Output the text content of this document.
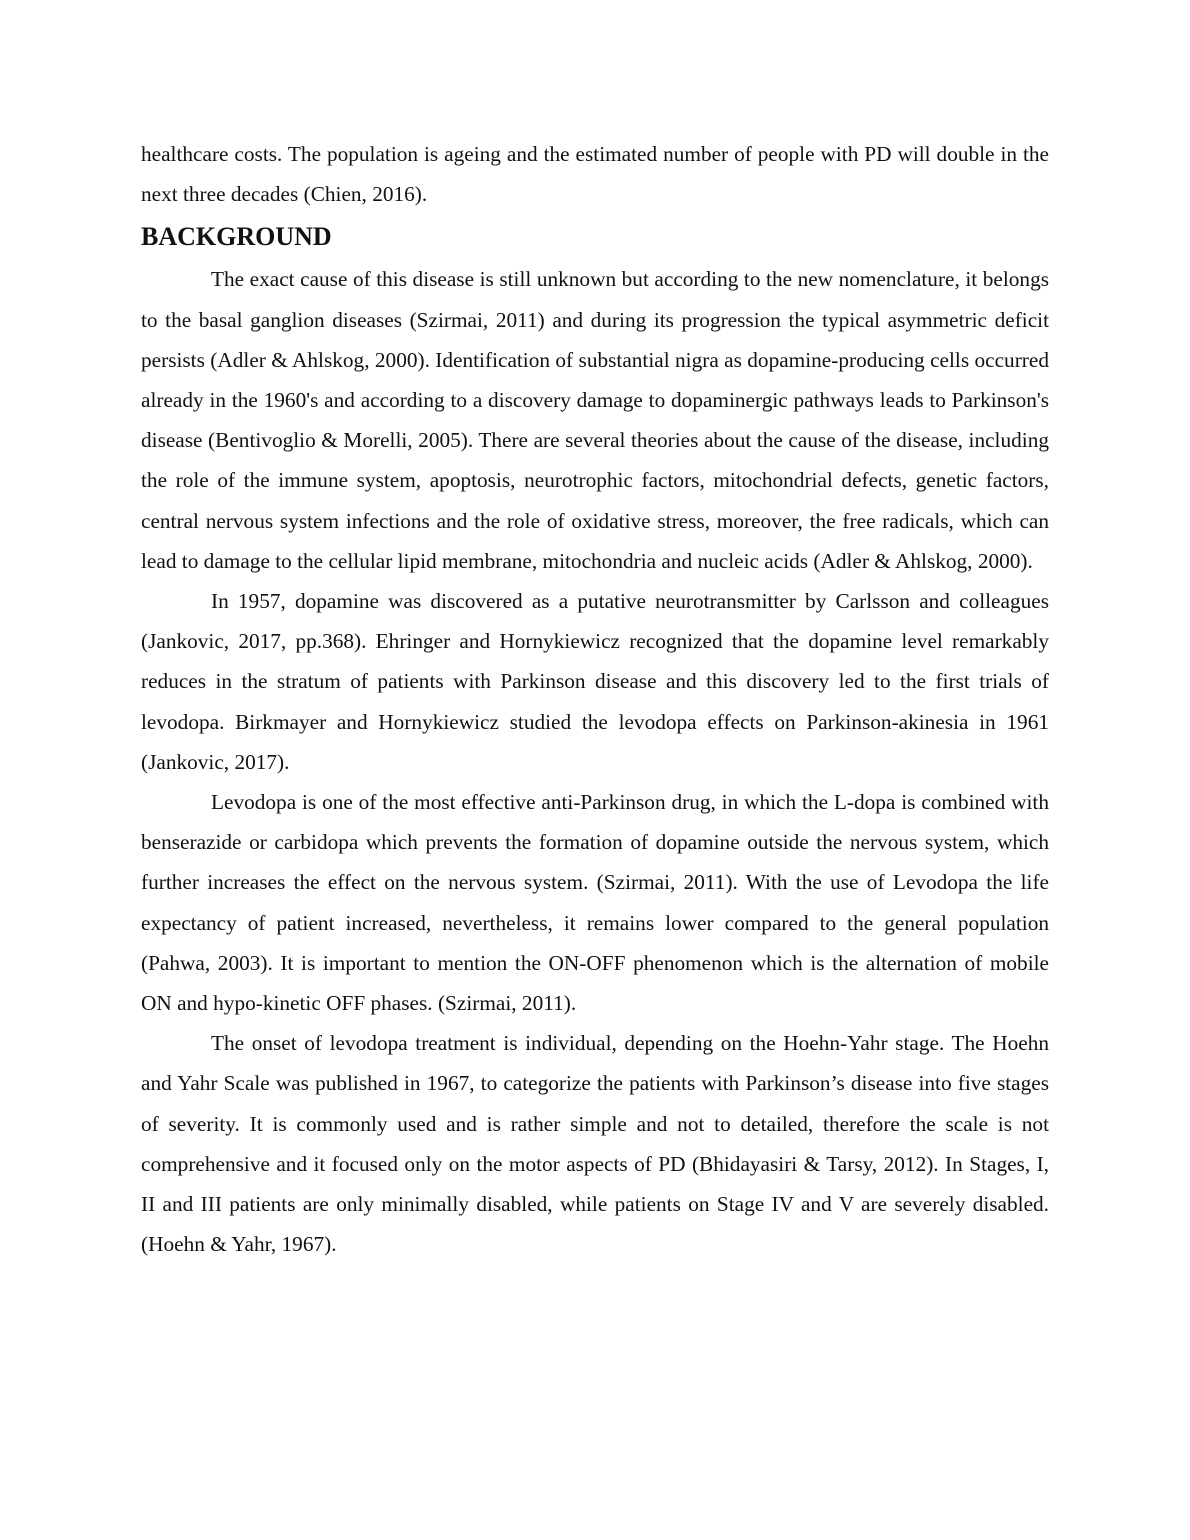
healthcare costs. The population is ageing and the estimated number of people with PD will double in the next three decades (Chien, 2016).

BACKGROUND

The exact cause of this disease is still unknown but according to the new nomenclature, it belongs to the basal ganglion diseases (Szirmai, 2011) and during its progression the typical asymmetric deficit persists (Adler & Ahlskog, 2000). Identification of substantial nigra as dopamine-producing cells occurred already in the 1960's and according to a discovery damage to dopaminergic pathways leads to Parkinson's disease (Bentivoglio & Morelli, 2005). There are several theories about the cause of the disease, including the role of the immune system, apoptosis, neurotrophic factors, mitochondrial defects, genetic factors, central nervous system infections and the role of oxidative stress, moreover, the free radicals, which can lead to damage to the cellular lipid membrane, mitochondria and nucleic acids (Adler & Ahlskog, 2000).

In 1957, dopamine was discovered as a putative neurotransmitter by Carlsson and colleagues (Jankovic, 2017, pp.368). Ehringer and Hornykiewicz recognized that the dopamine level remarkably reduces in the stratum of patients with Parkinson disease and this discovery led to the first trials of levodopa. Birkmayer and Hornykiewicz studied the levodopa effects on Parkinson-akinesia in 1961 (Jankovic, 2017).

Levodopa is one of the most effective anti-Parkinson drug, in which the L-dopa is combined with benserazide or carbidopa which prevents the formation of dopamine outside the nervous system, which further increases the effect on the nervous system. (Szirmai, 2011). With the use of Levodopa the life expectancy of patient increased, nevertheless, it remains lower compared to the general population (Pahwa, 2003). It is important to mention the ON-OFF phenomenon which is the alternation of mobile ON and hypo-kinetic OFF phases. (Szirmai, 2011).

The onset of levodopa treatment is individual, depending on the Hoehn-Yahr stage. The Hoehn and Yahr Scale was published in 1967, to categorize the patients with Parkinson’s disease into five stages of severity. It is commonly used and is rather simple and not to detailed, therefore the scale is not comprehensive and it focused only on the motor aspects of PD (Bhidayasiri & Tarsy, 2012). In Stages, I, II and III patients are only minimally disabled, while patients on Stage IV and V are severely disabled. (Hoehn & Yahr, 1967).
